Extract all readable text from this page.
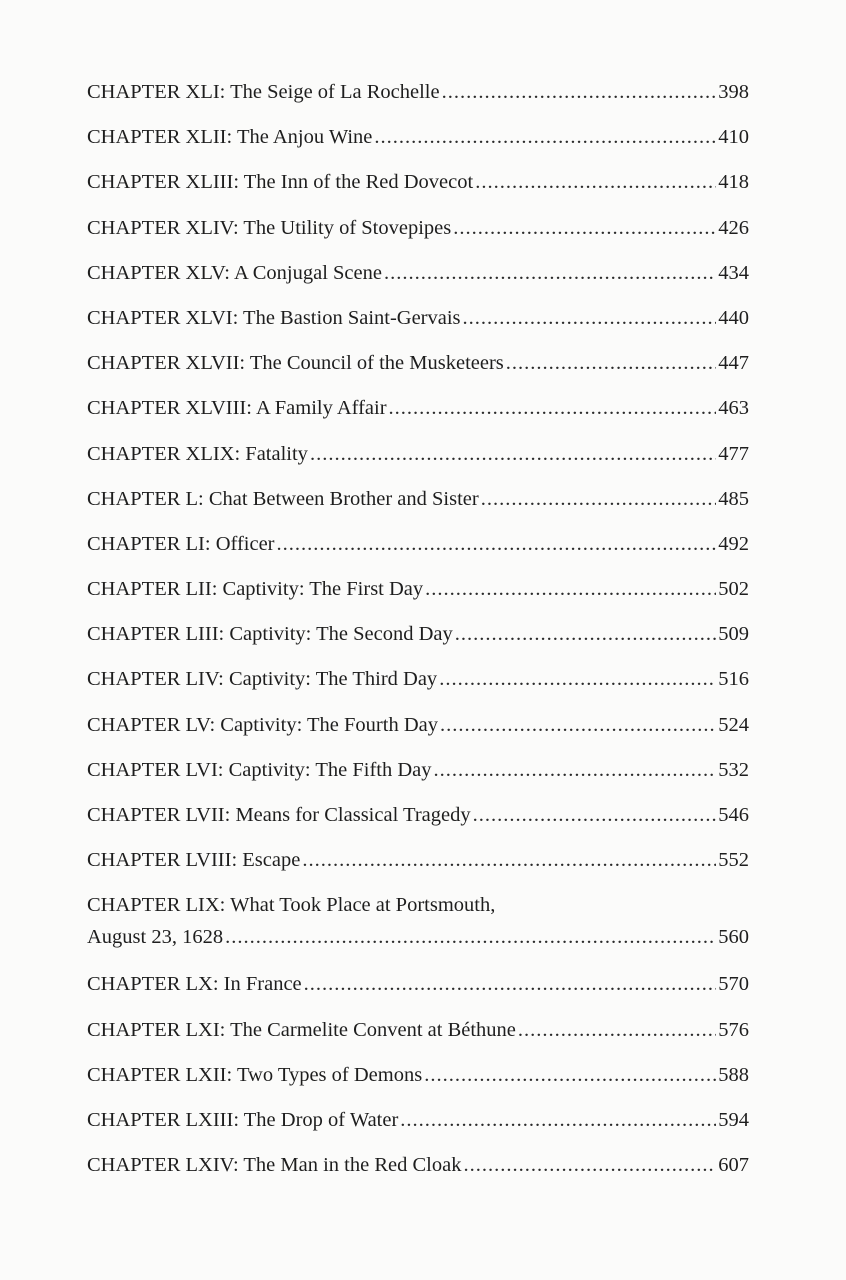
CHAPTER XLI: The Seige of La Rochelle .....	398
CHAPTER XLII: The Anjou Wine .....	410
CHAPTER XLIII: The Inn of the Red Dovecot .....	418
CHAPTER XLIV: The Utility of Stovepipes .....	426
CHAPTER XLV: A Conjugal Scene .....	434
CHAPTER XLVI: The Bastion Saint-Gervais .....	440
CHAPTER XLVII: The Council of the Musketeers .....	447
CHAPTER XLVIII: A Family Affair .....	463
CHAPTER XLIX: Fatality .....	477
CHAPTER L: Chat Between Brother and Sister .....	485
CHAPTER LI: Officer .....	492
CHAPTER LII: Captivity: The First Day .....	502
CHAPTER LIII: Captivity: The Second Day .....	509
CHAPTER LIV: Captivity: The Third Day .....	516
CHAPTER LV: Captivity: The Fourth Day .....	524
CHAPTER LVI: Captivity: The Fifth Day .....	532
CHAPTER LVII: Means for Classical Tragedy .....	546
CHAPTER LVIII: Escape .....	552
CHAPTER LIX: What Took Place at Portsmouth,
August 23, 1628 .....	560
CHAPTER LX: In France .....	570
CHAPTER LXI: The Carmelite Convent at Béthune .....	576
CHAPTER LXII: Two Types of Demons .....	588
CHAPTER LXIII: The Drop of Water .....	594
CHAPTER LXIV: The Man in the Red Cloak .....	607
